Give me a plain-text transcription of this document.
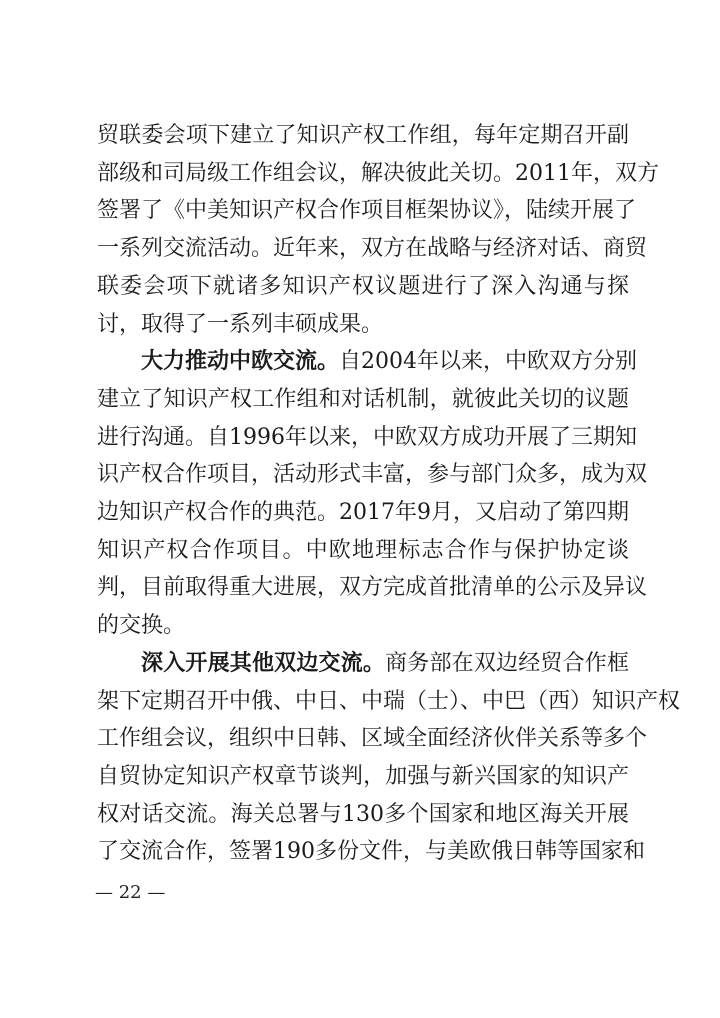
贸联委会项下建立了知识产权工作组，每年定期召开副
部级和司局级工作组会议，解决彼此关切。2011年，双方
签署了《中美知识产权合作项目框架协议》，陆续开展了
一系列交流活动。近年来，双方在战略与经济对话、商贸
联委会项下就诸多知识产权议题进行了深入沟通与探
讨，取得了一系列丰硕成果。
大力推动中欧交流。自2004年以来，中欧双方分别
建立了知识产权工作组和对话机制，就彼此关切的议题
进行沟通。自1996年以来，中欧双方成功开展了三期知
识产权合作项目，活动形式丰富，参与部门众多，成为双
边知识产权合作的典范。2017年9月，又启动了第四期
知识产权合作项目。中欧地理标志合作与保护协定谈
判，目前取得重大进展，双方完成首批清单的公示及异议
的交换。
深入开展其他双边交流。商务部在双边经贸合作框
架下定期召开中俄、中日、中瑞（士）、中巴（西）知识产权
工作组会议，组织中日韩、区域全面经济伙伴关系等多个
自贸协定知识产权章节谈判，加强与新兴国家的知识产
权对话交流。海关总署与130多个国家和地区海关开展
了交流合作，签署190多份文件，与美欧俄日韩等国家和
— 22 —
